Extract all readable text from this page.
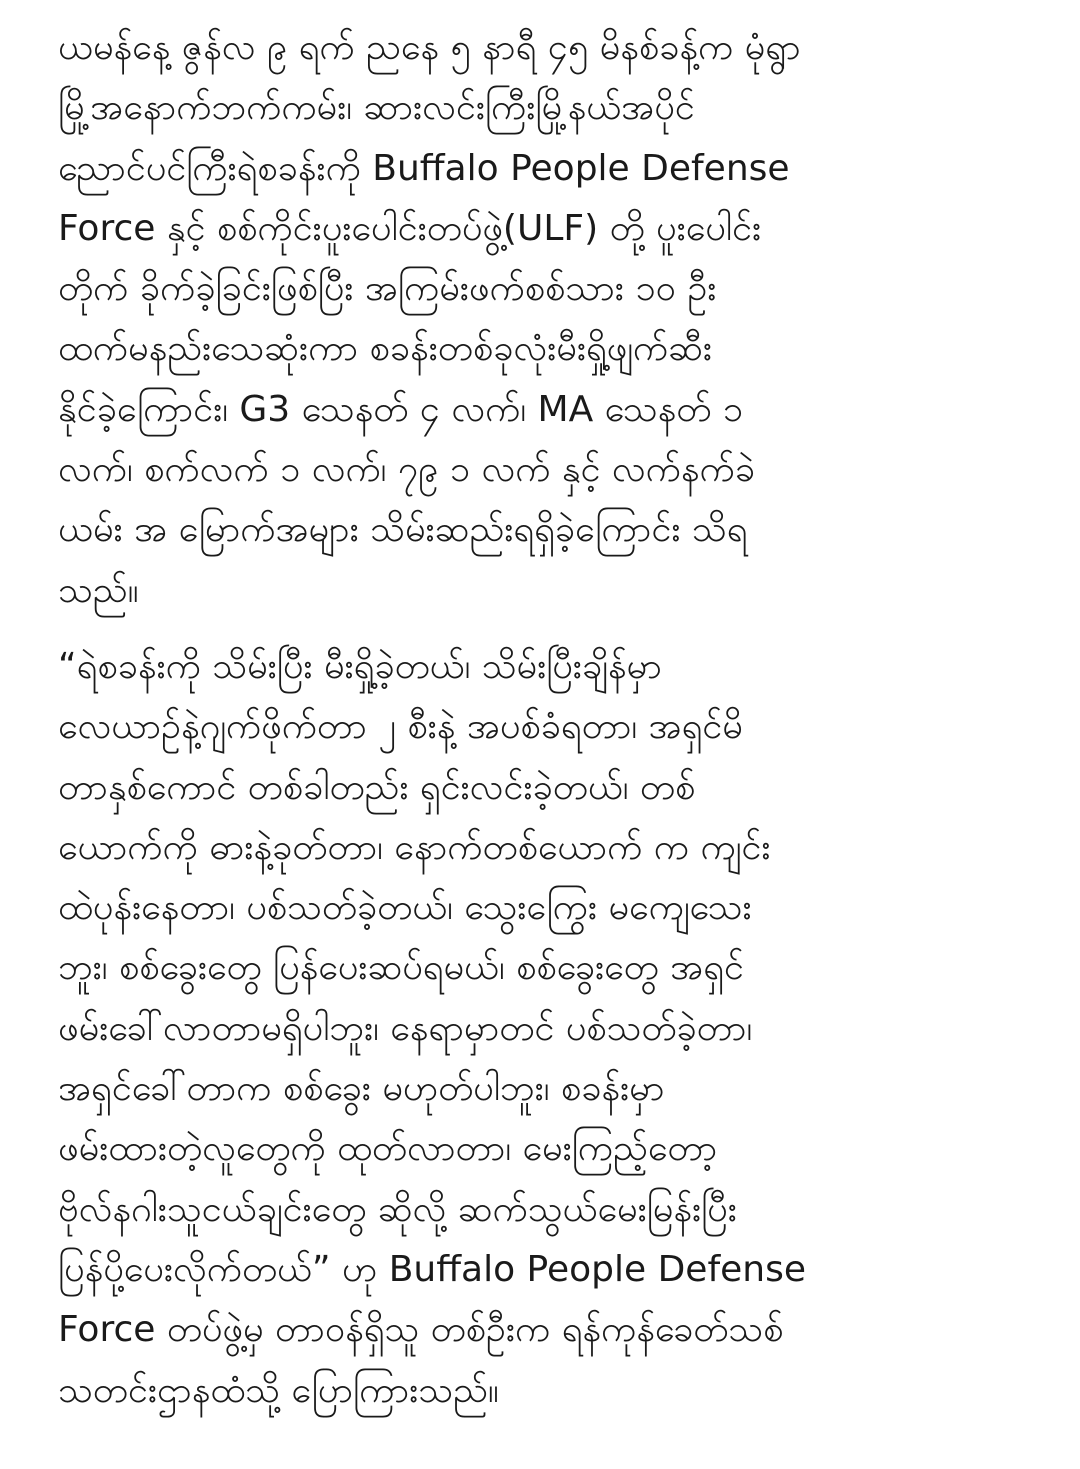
ယမန်နေ့ ဇွန်လ ၉ ရက် ညနေ ၅ နာရီ ၄၅ မိနစ်ခန့်က မုံရွာ
မြို့အနောက်ဘက်ကမ်း၊ ဆားလင်းကြီးမြို့နယ်အပိုင်
ညောင်ပင်ကြီးရဲစခန်းကို Buffalo People Defense
Force နှင့် စစ်ကိုင်းပူးပေါင်းတပ်ဖွဲ့(ULF) တို့ ပူးပေါင်း
တိုက် ခိုက်ခဲ့ခြင်းဖြစ်ပြီး အကြမ်းဖက်စစ်သား ၁၀ ဦး
ထက်မနည်းသေဆုံးကာ စခန်းတစ်ခုလုံးမီးရှို့ဖျက်ဆီး
နိုင်ခဲ့ကြောင်း၊ G3 သေနတ် ၄ လက်၊ MA သေနတ် ၁
လက်၊ စက်လက် ၁ လက်၊ ၇၉ ၁ လက် နှင့် လက်နက်ခဲ
ယမ်း အ မြောက်အများ သိမ်းဆည်းရရှိခဲ့ကြောင်း သိရ
သည်။

“ရဲစခန်းကို သိမ်းပြီး မီးရှို့ခဲ့တယ်၊ သိမ်းပြီးချိန်မှာ
လေယာဉ်နဲ့ဂျက်ဖိုက်တာ ၂ စီးနဲ့ အပစ်ခံရတာ၊ အရှင်မိ
တာနှစ်ကောင် တစ်ခါတည်း ရှင်းလင်းခဲ့တယ်၊ တစ်
ယောက်ကို ဓားနဲ့ခုတ်တာ၊ နောက်တစ်ယောက် က ကျင်း
ထဲပုန်းနေတာ၊ ပစ်သတ်ခဲ့တယ်၊ သွေးကြွေး မကျေသေး
ဘူး၊ စစ်ခွေးတွေ ပြန်ပေးဆပ်ရမယ်၊ စစ်ခွေးတွေ အရှင်
ဖမ်းခေါ်လာတာမရှိပါဘူး၊ နေရာမှာတင် ပစ်သတ်ခဲ့တာ၊
အရှင်ခေါ်တာက စစ်ခွေး မဟုတ်ပါဘူး၊ စခန်းမှာ
ဖမ်းထားတဲ့လူတွေကို ထုတ်လာတာ၊ မေးကြည့်တော့
ဗိုလ်နဂါးသူငယ်ချင်းတွေ ဆိုလို့ ဆက်သွယ်မေးမြန်းပြီး
ပြန်ပို့ပေးလိုက်တယ်” ဟု Buffalo People Defense
Force တပ်ဖွဲ့မှ တာဝန်ရှိသူ တစ်ဦးက ရန်ကုန်ခေတ်သစ်
သတင်းဌာနထံသို့ ပြောကြားသည်။
